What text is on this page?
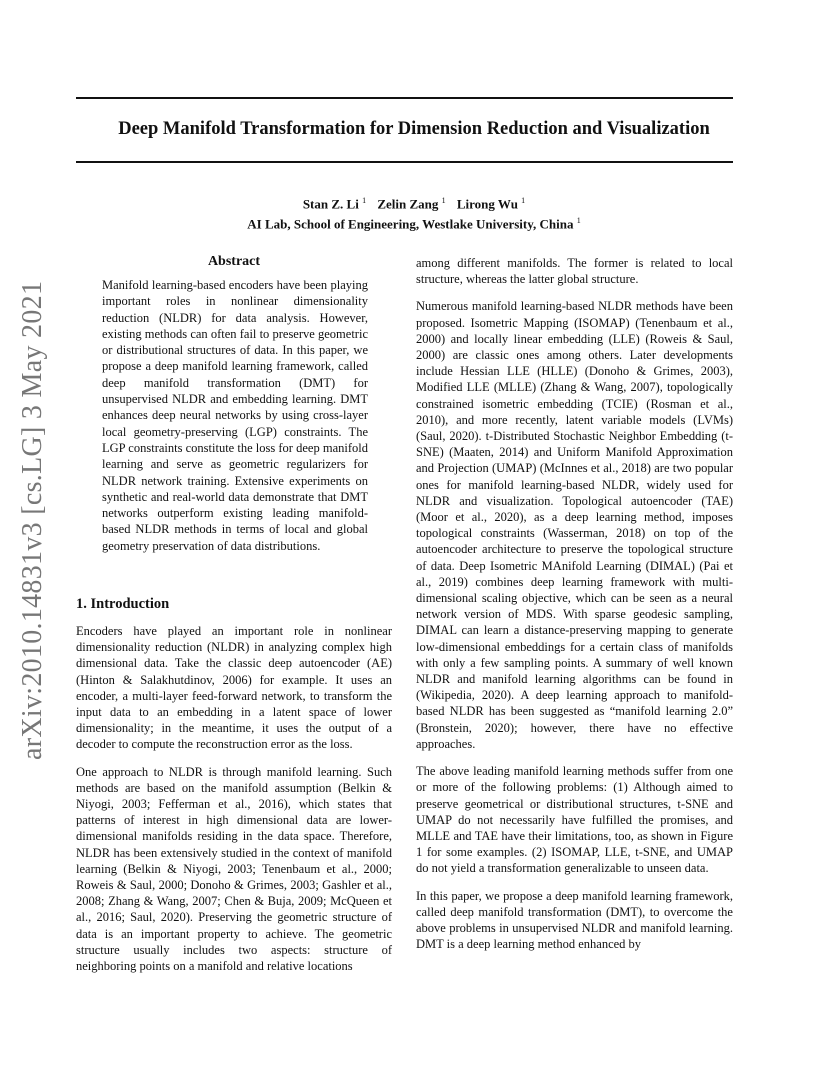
Deep Manifold Transformation for Dimension Reduction and Visualization
Stan Z. Li $^1$ Zelin Zang $^1$ Lirong Wu $^1$
AI Lab, School of Engineering, Westlake University, China $^1$
arXiv:2010.14831v3 [cs.LG] 3 May 2021
Abstract

Manifold learning-based encoders have been playing important roles in nonlinear dimensionality reduction (NLDR) for data analysis. However, existing methods can often fail to preserve geometric or distributional structures of data. In this paper, we propose a deep manifold learning framework, called deep manifold transformation (DMT) for unsupervised NLDR and embedding learning. DMT enhances deep neural networks by using cross-layer local geometry-preserving (LGP) constraints. The LGP constraints constitute the loss for deep manifold learning and serve as geometric regularizers for NLDR network training. Extensive experiments on synthetic and real-world data demonstrate that DMT networks outperform existing leading manifold-based NLDR methods in terms of local and global geometry preservation of data distributions.

1. Introduction

Encoders have played an important role in nonlinear dimensionality reduction (NLDR) in analyzing complex high dimensional data. Take the classic deep autoencoder (AE) (Hinton & Salakhutdinov, 2006) for example. It uses an encoder, a multi-layer feed-forward network, to transform the input data to an embedding in a latent space of lower dimensionality; in the meantime, it uses the output of a decoder to compute the reconstruction error as the loss.

One approach to NLDR is through manifold learning. Such methods are based on the manifold assumption (Belkin & Niyogi, 2003; Fefferman et al., 2016), which states that patterns of interest in high dimensional data are lower-dimensional manifolds residing in the data space. Therefore, NLDR has been extensively studied in the context of manifold learning (Belkin & Niyogi, 2003; Tenenbaum et al., 2000; Roweis & Saul, 2000; Donoho & Grimes, 2003; Gashler et al., 2008; Zhang & Wang, 2007; Chen & Buja, 2009; McQueen et al., 2016; Saul, 2020). Preserving the geometric structure of data is an important property to achieve. The geometric structure usually includes two aspects: structure of neighboring points on a manifold and relative locations

among different manifolds. The former is related to local structure, whereas the latter global structure.

Numerous manifold learning-based NLDR methods have been proposed. Isometric Mapping (ISOMAP) (Tenenbaum et al., 2000) and locally linear embedding (LLE) (Roweis & Saul, 2000) are classic ones among others. Later developments include Hessian LLE (HLLE) (Donoho & Grimes, 2003), Modified LLE (MLLE) (Zhang & Wang, 2007), topologically constrained isometric embedding (TCIE) (Rosman et al., 2010), and more recently, latent variable models (LVMs) (Saul, 2020). t-Distributed Stochastic Neighbor Embedding (t-SNE) (Maaten, 2014) and Uniform Manifold Approximation and Projection (UMAP) (McInnes et al., 2018) are two popular ones for manifold learning-based NLDR, widely used for NLDR and visualization. Topological autoencoder (TAE) (Moor et al., 2020), as a deep learning method, imposes topological constraints (Wasserman, 2018) on top of the autoencoder architecture to preserve the topological structure of data. Deep Isometric MAnifold Learning (DIMAL) (Pai et al., 2019) combines deep learning framework with multi-dimensional scaling objective, which can be seen as a neural network version of MDS. With sparse geodesic sampling, DIMAL can learn a distance-preserving mapping to generate low-dimensional embeddings for a certain class of manifolds with only a few sampling points. A summary of well known NLDR and manifold learning algorithms can be found in (Wikipedia, 2020). A deep learning approach to manifold-based NLDR has been suggested as “manifold learning 2.0” (Bronstein, 2020); however, there have no effective approaches.

The above leading manifold learning methods suffer from one or more of the following problems: (1) Although aimed to preserve geometrical or distributional structures, t-SNE and UMAP do not necessarily have fulfilled the promises, and MLLE and TAE have their limitations, too, as shown in Figure 1 for some examples. (2) ISOMAP, LLE, t-SNE, and UMAP do not yield a transformation generalizable to unseen data.

In this paper, we propose a deep manifold learning framework, called deep manifold transformation (DMT), to overcome the above problems in unsupervised NLDR and manifold learning. DMT is a deep learning method enhanced by
